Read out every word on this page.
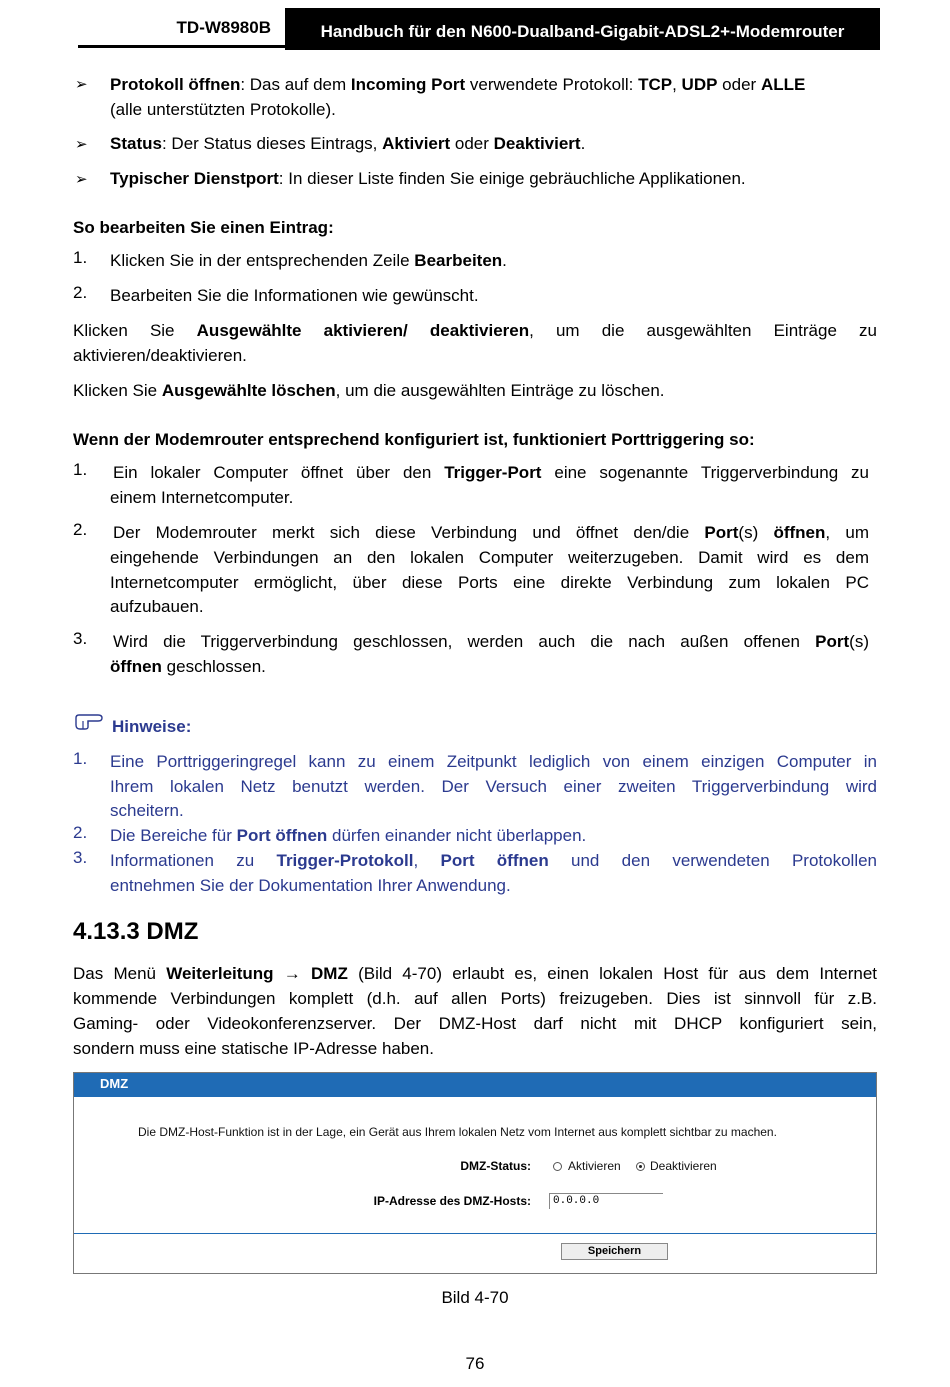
TD-W8980B	Handbuch für den N600-Dualband-Gigabit-ADSL2+-Modemrouter
➢ Protokoll öffnen: Das auf dem Incoming Port verwendete Protokoll: TCP, UDP oder ALLE
(alle unterstützten Protokolle).
➢ Status: Der Status dieses Eintrags, Aktiviert oder Deaktiviert.
➢ Typischer Dienstport: In dieser Liste finden Sie einige gebräuchliche Applikationen.
So bearbeiten Sie einen Eintrag:
1. Klicken Sie in der entsprechenden Zeile Bearbeiten.
2. Bearbeiten Sie die Informationen wie gewünscht.
Klicken Sie Ausgewählte aktivieren/ deaktivieren, um die ausgewählten Einträge zu
aktivieren/deaktivieren.
Klicken Sie Ausgewählte löschen, um die ausgewählten Einträge zu löschen.
Wenn der Modemrouter entsprechend konfiguriert ist, funktioniert Porttriggering so:
1. Ein lokaler Computer öffnet über den Trigger-Port eine sogenannte Triggerverbindung zu
einem Internetcomputer.
2. Der Modemrouter merkt sich diese Verbindung und öffnet den/die Port(s) öffnen, um
eingehende Verbindungen an den lokalen Computer weiterzugeben. Damit wird es dem
Internetcomputer ermöglicht, über diese Ports eine direkte Verbindung zum lokalen PC
aufzubauen.
3. Wird die Triggerverbindung geschlossen, werden auch die nach außen offenen Port(s)
öffnen geschlossen.
Hinweise:
1. Eine Porttriggeringregel kann zu einem Zeitpunkt lediglich von einem einzigen Computer in
Ihrem lokalen Netz benutzt werden. Der Versuch einer zweiten Triggerverbindung wird
scheitern.
2. Die Bereiche für Port öffnen dürfen einander nicht überlappen.
3. Informationen zu Trigger-Protokoll, Port öffnen und den verwendeten Protokollen
entnehmen Sie der Dokumentation Ihrer Anwendung.
4.13.3 DMZ
Das Menü Weiterleitung → DMZ (Bild 4-70) erlaubt es, einen lokalen Host für aus dem Internet
kommende Verbindungen komplett (d.h. auf allen Ports) freizugeben. Dies ist sinnvoll für z.B.
Gaming- oder Videokonferenzserver. Der DMZ-Host darf nicht mit DHCP konfiguriert sein,
sondern muss eine statische IP-Adresse haben.
DMZ
Die DMZ-Host-Funktion ist in der Lage, ein Gerät aus Ihrem lokalen Netz vom Internet aus komplett sichtbar zu machen.
DMZ-Status:	Aktivieren Deaktivieren
IP-Adresse des DMZ-Hosts:	0.0.0.0
Speichern
Bild 4-70
76
